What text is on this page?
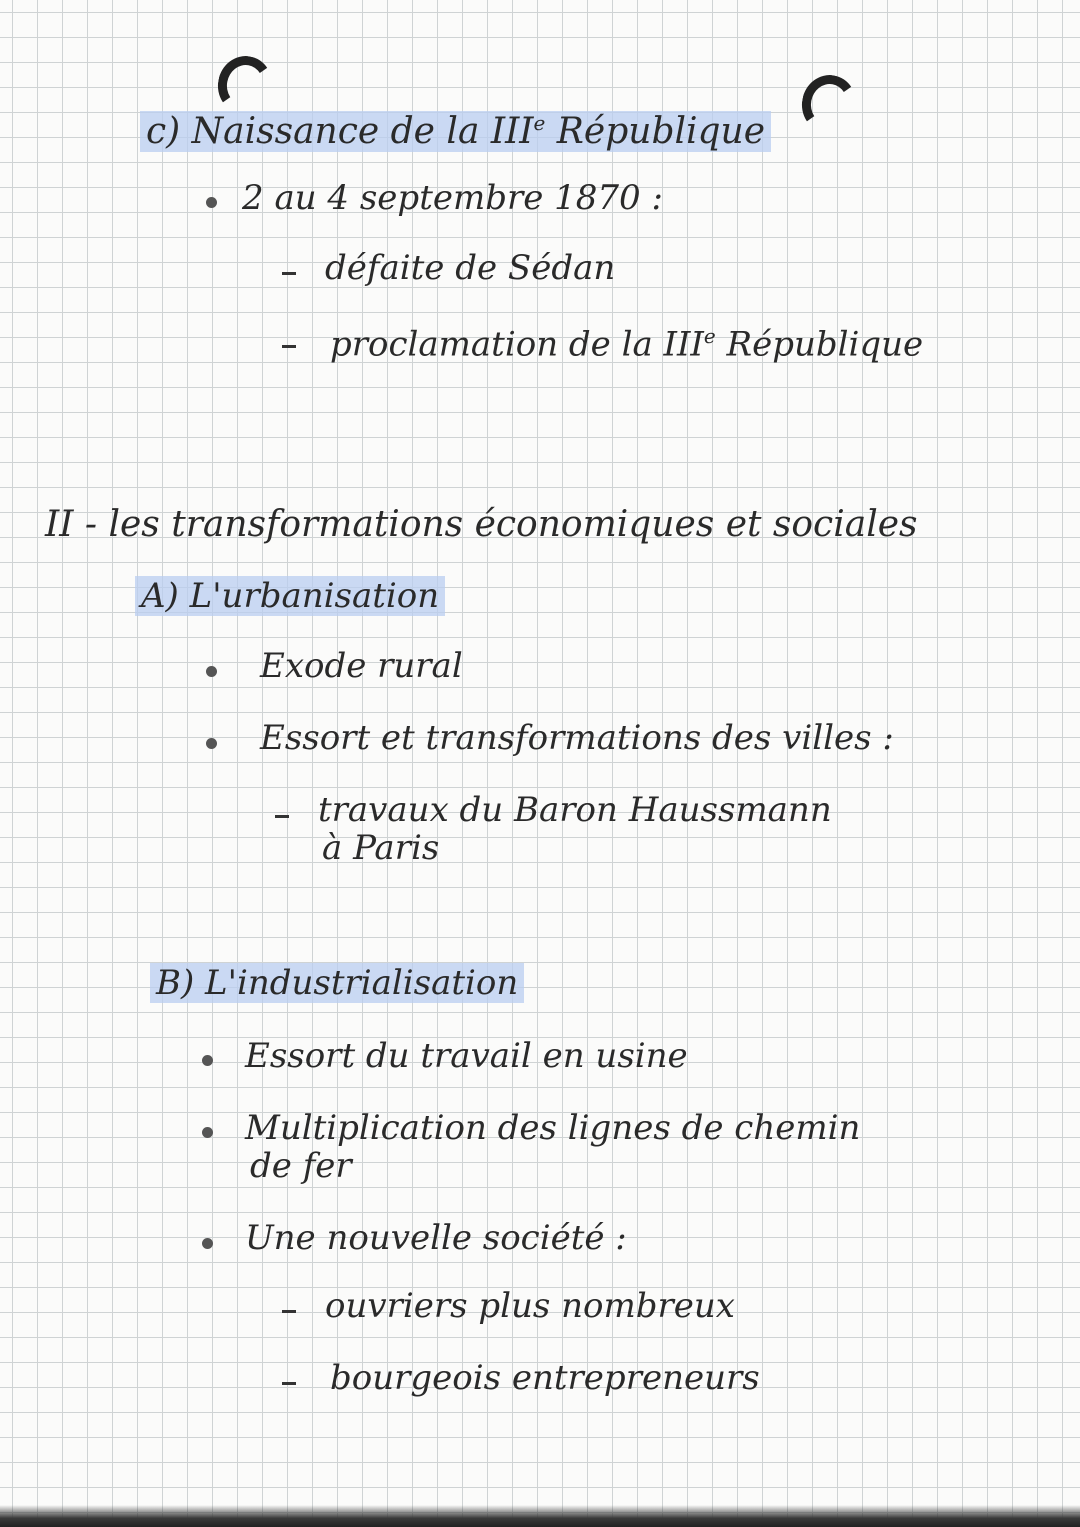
c) Naissance de la IIIe République
2 au 4 septembre 1870 :
défaite de Sédan
proclamation de la IIIe République
II - les transformations économiques et sociales
A) L'urbanisation
Exode rural
Essort et transformations des villes :
travaux du Baron Haussmann
à Paris
B) L'industrialisation
Essort du travail en usine
Multiplication des lignes de chemin
de fer
Une nouvelle société :
ouvriers plus nombreux
bourgeois entrepreneurs
